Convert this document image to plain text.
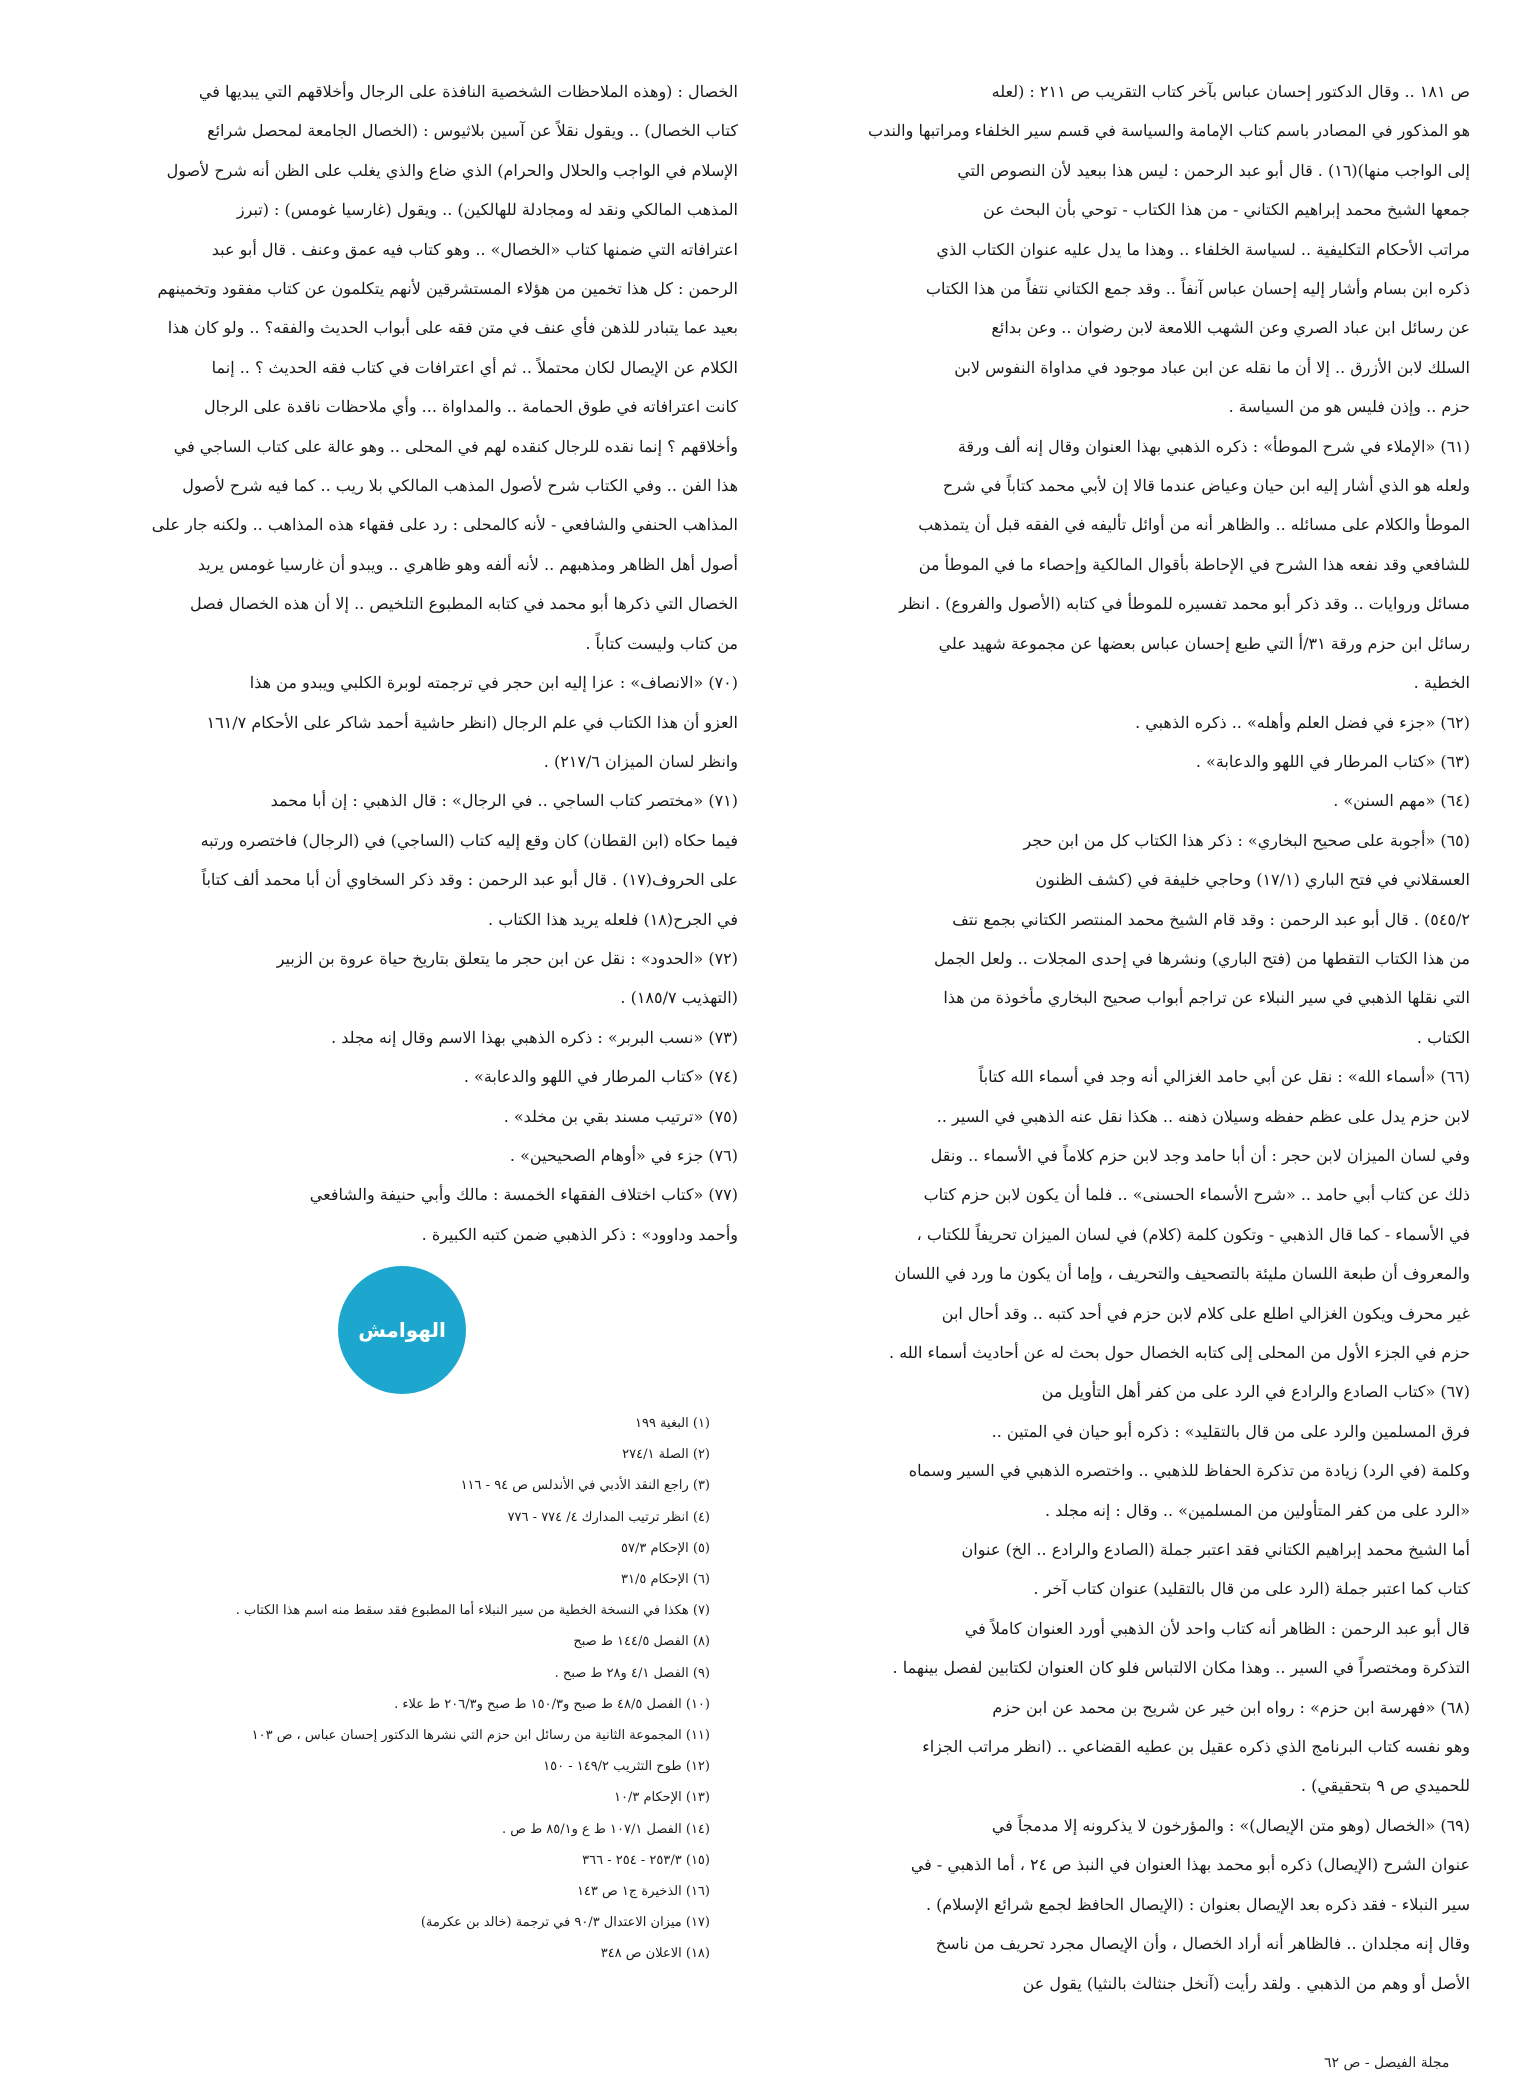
ص ١٨١ .. وقال الدكتور إحسان عباس بآخر كتاب التقريب ص ٢١١ : (لعله

هو المذكور في المصادر باسم كتاب الإمامة والسياسة في قسم سير الخلفاء ومراتبها والندب

إلى الواجب منها)(١٦) . قال أبو عبد الرحمن : ليس هذا ببعيد لأن النصوص التي

جمعها الشيخ محمد إبراهيم الكتاني - من هذا الكتاب - توحي بأن البحث عن

مراتب الأحكام التكليفية .. لسياسة الخلفاء .. وهذا ما يدل عليه عنوان الكتاب الذي

ذكره ابن بسام وأشار إليه إحسان عباس آنفاً .. وقد جمع الكتاني نتفاً من هذا الكتاب

عن رسائل ابن عباد الصري وعن الشهب اللامعة لابن رضوان .. وعن بدائع

السلك لابن الأزرق .. إلا أن ما نقله عن ابن عباد موجود في مداواة النفوس لابن

حزم .. وإذن فليس هو من السياسة .

(٦١) «الإملاء في شرح الموطأ» : ذكره الذهبي بهذا العنوان وقال إنه ألف ورقة

ولعله هو الذي أشار إليه ابن حيان وعياض عندما قالا إن لأبي محمد كتاباً في شرح

الموطأ والكلام على مسائله .. والظاهر أنه من أوائل تأليفه في الفقه قبل أن يتمذهب

للشافعي وقد نفعه هذا الشرح في الإحاطة بأقوال المالكية وإحصاء ما في الموطأ من

مسائل وروايات .. وقد ذكر أبو محمد تفسيره للموطأ في كتابه (الأصول والفروع) . انظر

رسائل ابن حزم ورقة ٣١/أ التي طبع إحسان عباس بعضها عن مجموعة شهيد علي

الخطية .

(٦٢) «جزء في فضل العلم وأهله» .. ذكره الذهبي .

(٦٣) «كتاب المرطار في اللهو والدعابة» .

(٦٤) «مهم السنن» .

(٦٥) «أجوبة على صحيح البخاري» : ذكر هذا الكتاب كل من ابن حجر

العسقلاني في فتح الباري (١٧/١) وحاجي خليفة في (كشف الظنون

٥٤٥/٢) . قال أبو عبد الرحمن : وقد قام الشيخ محمد المنتصر الكتاني بجمع نتف

من هذا الكتاب التقطها من (فتح الباري) ونشرها في إحدى المجلات .. ولعل الجمل

التي نقلها الذهبي في سير النبلاء عن تراجم أبواب صحيح البخاري مأخوذة من هذا

الكتاب .

(٦٦) «أسماء الله» : نقل عن أبي حامد الغزالي أنه وجد في أسماء الله كتاباً

لابن حزم يدل على عظم حفظه وسيلان ذهنه .. هكذا نقل عنه الذهبي في السير ..

وفي لسان الميزان لابن حجر : أن أبا حامد وجد لابن حزم كلاماً في الأسماء .. ونقل

ذلك عن كتاب أبي حامد .. «شرح الأسماء الحسنى» .. فلما أن يكون لابن حزم كتاب

في الأسماء - كما قال الذهبي - وتكون كلمة (كلام) في لسان الميزان تحريفاً للكتاب ،

والمعروف أن طبعة اللسان مليئة بالتصحيف والتحريف ، وإما أن يكون ما ورد في اللسان

غير محرف ويكون الغزالي اطلع على كلام لابن حزم في أحد كتبه .. وقد أحال ابن

حزم في الجزء الأول من المحلى إلى كتابه الخصال حول بحث له عن أحاديث أسماء الله .

(٦٧) «كتاب الصادع والرادع في الرد على من كفر أهل التأويل من

فرق المسلمين والرد على من قال بالتقليد» : ذكره أبو حيان في المتين ..

وكلمة (في الرد) زيادة من تذكرة الحفاظ للذهبي .. واختصره الذهبي في السير وسماه

«الرد على من كفر المتأولين من المسلمين» .. وقال : إنه مجلد .

أما الشيخ محمد إبراهيم الكتاني فقد اعتبر جملة (الصادع والرادع .. الخ) عنوان

كتاب كما اعتبر جملة (الرد على من قال بالتقليد) عنوان كتاب آخر .

قال أبو عبد الرحمن : الظاهر أنه كتاب واحد لأن الذهبي أورد العنوان كاملاً في

التذكرة ومختصراً في السير .. وهذا مكان الالتباس فلو كان العنوان لكتابين لفصل بينهما .

(٦٨) «فهرسة ابن حزم» : رواه ابن خير عن شريح بن محمد عن ابن حزم

وهو نفسه كتاب البرنامج الذي ذكره عقيل بن عطيه القضاعي .. (انظر مراتب الجزاء

للحميدي ص ٩ بتحقيقي) .

(٦٩) «الخصال (وهو متن الإيصال)» : والمؤرخون لا يذكرونه إلا مدمجاً في

عنوان الشرح (الإيصال) ذكره أبو محمد بهذا العنوان في النبذ ص ٢٤ ، أما الذهبي - في

سير النبلاء - فقد ذكره بعد الإيصال بعنوان : (الإيصال الحافظ لجمع شرائع الإسلام) .

وقال إنه مجلدان .. فالظاهر أنه أراد الخصال ، وأن الإيصال مجرد تحريف من ناسخ

الأصل أو وهم من الذهبي . ولقد رأيت (آنخل جنثالث بالنثيا) يقول عن

الخصال : (وهذه الملاحظات الشخصية النافذة على الرجال وأخلاقهم التي يبديها في

كتاب الخصال) .. ويقول نقلاً عن آسين بلاثيوس : (الخصال الجامعة لمحصل شرائع

الإسلام في الواجب والحلال والحرام) الذي ضاع والذي يغلب على الظن أنه شرح لأصول

المذهب المالكي ونقد له ومجادلة للهالكين) .. ويقول (غارسيا غومس) : (تبرز

اعترافاته التي ضمنها كتاب «الخصال» .. وهو كتاب فيه عمق وعنف . قال أبو عبد

الرحمن : كل هذا تخمين من هؤلاء المستشرقين لأنهم يتكلمون عن كتاب مفقود وتخمينهم

بعيد عما يتبادر للذهن فأي عنف في متن فقه على أبواب الحديث والفقه؟ .. ولو كان هذا

الكلام عن الإيصال لكان محتملاً .. ثم أي اعترافات في كتاب فقه الحديث ؟ .. إنما

كانت اعترافاته في طوق الحمامة .. والمداواة ... وأي ملاحظات ناقدة على الرجال

وأخلاقهم ؟ إنما نقده للرجال كنقده لهم في المحلى .. وهو عالة على كتاب الساجي في

هذا الفن .. وفي الكتاب شرح لأصول المذهب المالكي بلا ريب .. كما فيه شرح لأصول

المذاهب الحنفي والشافعي - لأنه كالمحلى : رد على فقهاء هذه المذاهب .. ولكنه جار على

أصول أهل الظاهر ومذهبهم .. لأنه ألفه وهو ظاهري .. ويبدو أن غارسيا غومس يريد

الخصال التي ذكرها أبو محمد في كتابه المطبوع التلخيص .. إلا أن هذه الخصال فصل

من كتاب وليست كتاباً .

(٧٠) «الانصاف» : عزا إليه ابن حجر في ترجمته لوبرة الكلبي ويبدو من هذا

العزو أن هذا الكتاب في علم الرجال (انظر حاشية أحمد شاكر على الأحكام ١٦١/٧

وانظر لسان الميزان ٢١٧/٦) .

(٧١) «مختصر كتاب الساجي .. في الرجال» : قال الذهبي : إن أبا محمد

فيما حكاه (ابن القطان) كان وقع إليه كتاب (الساجي) في (الرجال) فاختصره ورتبه

على الحروف(١٧) . قال أبو عبد الرحمن : وقد ذكر السخاوي أن أبا محمد ألف كتاباً

في الجرح(١٨) فلعله يريد هذا الكتاب .

(٧٢) «الحدود» : نقل عن ابن حجر ما يتعلق بتاريخ حياة عروة بن الزبير

(التهذيب ١٨٥/٧) .

(٧٣) «نسب البربر» : ذكره الذهبي بهذا الاسم وقال إنه مجلد .

(٧٤) «كتاب المرطار في اللهو والدعابة» .

(٧٥) «ترتيب مسند بقي بن مخلد» .

(٧٦) جزء في «أوهام الصحيحين» .

(٧٧) «كتاب اختلاف الفقهاء الخمسة : مالك وأبي حنيفة والشافعي

وأحمد وداوود» : ذكر الذهبي ضمن كتبه الكبيرة .

الهوامش
(١) البغية ١٩٩
(٢) الصلة ٢٧٤/١
(٣) راجع النقد الأدبي في الأندلس ص ٩٤ - ١١٦
(٤) انظر ترتيب المدارك ٤/ ٧٧٤ - ٧٧٦
(٥) الإحكام ٥٧/٣
(٦) الإحكام ٣١/٥
(٧) هكذا في النسخة الخطية من سير النبلاء أما المطبوع فقد سقط منه اسم هذا الكتاب .
(٨) الفصل ١٤٤/٥ ط صبح
(٩) الفصل ٤/١ و٢٨ ط صبح .
(١٠) الفصل ٤٨/٥ ط صبح و١٥٠/٣ ط صبح و٢٠٦/٣ ط علاء .
(١١) المجموعة الثانية من رسائل ابن حزم التي نشرها الدكتور إحسان عباس ، ص ١٠٣
(١٢) طوح التثريب ١٤٩/٢ - ١٥٠
(١٣) الإحكام ١٠/٣
(١٤) الفصل ١٠٧/١ ط ع و٨٥/١ ط ص .
(١٥) ٢٥٣/٣ - ٢٥٤ - ٣٦٦
(١٦) الذخيرة ج١ ص ١٤٣
(١٧) ميزان الاعتدال ٩٠/٣ في ترجمة (خالد بن عكرمة)
(١٨) الاعلان ص ٣٤٨
مجلة الفيصل - ص ٦٢
